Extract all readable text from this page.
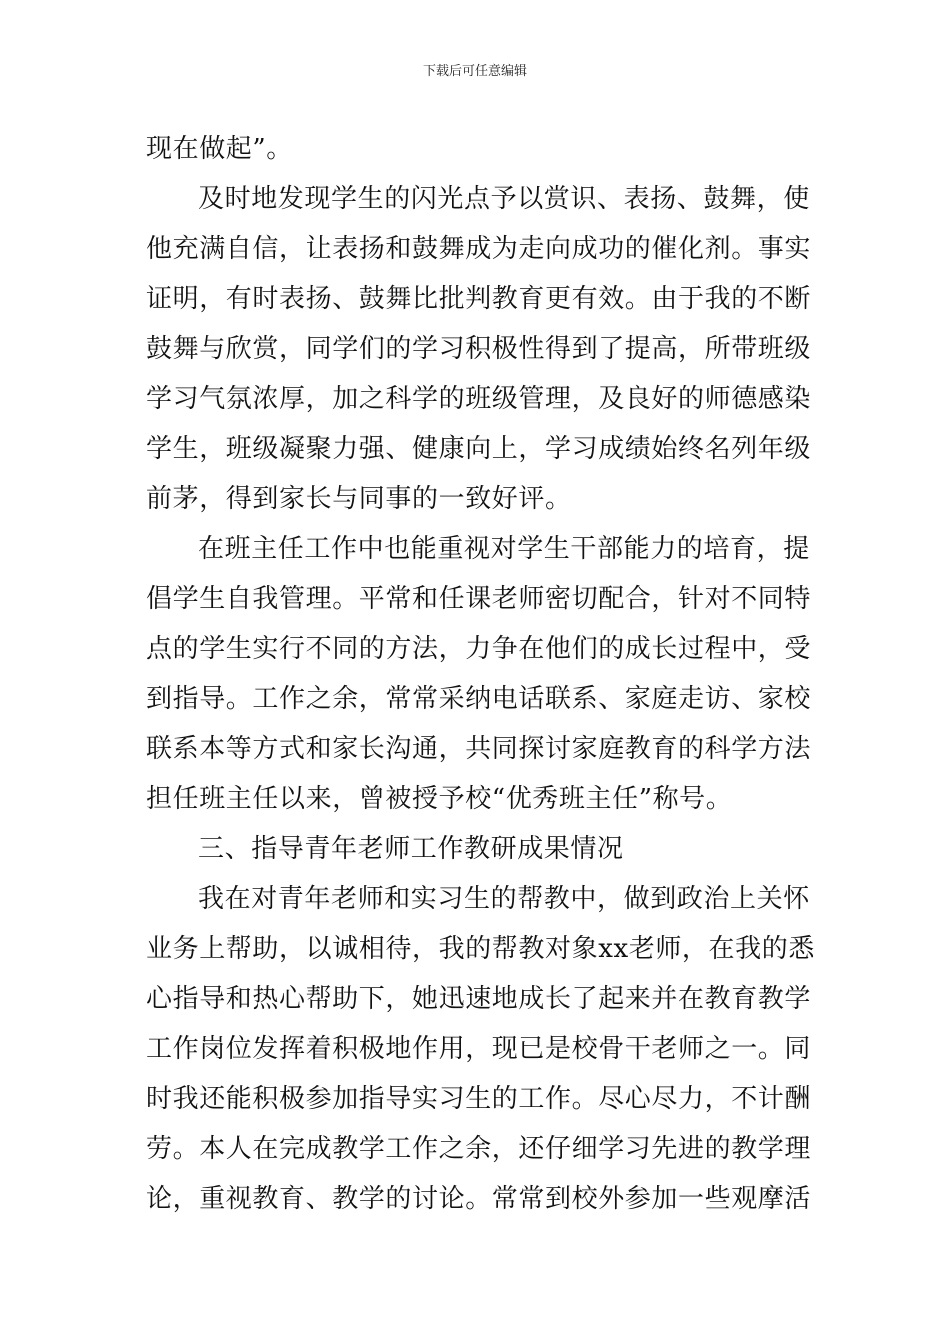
下载后可任意编辑
现在做起”。
及时地发现学生的闪光点予以赏识、表扬、鼓舞，使
他充满自信，让表扬和鼓舞成为走向成功的催化剂。事实
证明，有时表扬、鼓舞比批判教育更有效。由于我的不断
鼓舞与欣赏，同学们的学习积极性得到了提高，所带班级
学习气氛浓厚，加之科学的班级管理，及良好的师德感染
学生，班级凝聚力强、健康向上，学习成绩始终名列年级
前茅，得到家长与同事的一致好评。
在班主任工作中也能重视对学生干部能力的培育，提
倡学生自我管理。平常和任课老师密切配合，针对不同特
点的学生实行不同的方法，力争在他们的成长过程中，受
到指导。工作之余，常常采纳电话联系、家庭走访、家校
联系本等方式和家长沟通，共同探讨家庭教育的科学方法
担任班主任以来，曾被授予校“优秀班主任”称号。
三、指导青年老师工作教研成果情况
我在对青年老师和实习生的帮教中，做到政治上关怀
业务上帮助，以诚相待，我的帮教对象xx老师，在我的悉
心指导和热心帮助下，她迅速地成长了起来并在教育教学
工作岗位发挥着积极地作用，现已是校骨干老师之一。同
时我还能积极参加指导实习生的工作。尽心尽力，不计酬
劳。本人在完成教学工作之余，还仔细学习先进的教学理
论，重视教育、教学的讨论。常常到校外参加一些观摩活
